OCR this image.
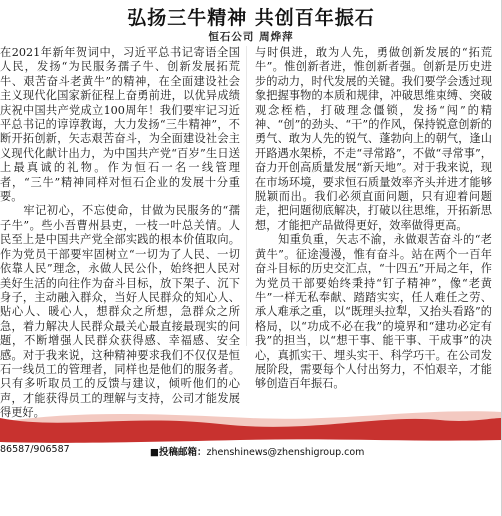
弘扬三牛精神 共创百年振石
恒石公司 周烨萍

在2021年新年贺词中，习近平总书记寄语全国人民，发扬“为民服务孺子牛、创新发展拓荒牛、艰苦奋斗老黄牛”的精神，在全面建设社会主义现代化国家新征程上奋勇前进，以优异成绩庆祝中国共产党成立100周年！我们要牢记习近平总书记的谆谆教诲，大力发扬“三牛精神”，不断开拓创新，矢志艰苦奋斗，为全面建设社会主义现代化献计出力，为中国共产党“百岁”生日送上最真诚的礼物。作为恒石一名一线管理者，“三牛”精神同样对恒石企业的发展十分重要。
　　牢记初心，不忘使命，甘做为民服务的“孺子牛”。些小吾曹州县吏，一枝一叶总关情。人民至上是中国共产党全部实践的根本价值取向。作为党员干部要牢固树立“一切为了人民、一切依靠人民”理念，永做人民公仆，始终把人民对美好生活的向往作为奋斗目标，放下架子、沉下身子，主动融入群众，当好人民群众的知心人、贴心人、暖心人，想群众之所想，急群众之所急，着力解决人民群众最关心最直接最现实的问题，不断增强人民群众获得感、幸福感、安全感。对于我来说，这种精神要求我们不仅仅是恒石一线员工的管理者，同样也是他们的服务者。只有多听取员工的反馈与建议，倾听他们的心声，才能获得员工的理解与支持，公司才能发展得更好。

与时俱进，敢为人先，勇做创新发展的“拓荒牛”。惟创新者进，惟创新者强。创新是历史进步的动力，时代发展的关键。我们要学会透过现象把握事物的本质和规律，冲破思维束缚、突破观念桎梏，打破理念僵锁，发扬“闯”的精神、“创”的劲头、“干”的作风，保持锐意创新的勇气、敢为人先的锐气、蓬勃向上的朝气，逢山开路遇水架桥，不走“寻常路”，不做“寻常事”，奋力开创高质量发展“新天地”。对于我来说，现在市场环境，要求恒石质量效率齐头并进才能够脱颖而出。我们必须直面问题，只有迎着问题走，把问题彻底解决，打破以往思维，开拓新思想，才能把产品做得更好，效率做得更高。
　　知重负重，矢志不渝，永做艰苦奋斗的“老黄牛”。征途漫漫，惟有奋斗。站在两个一百年奋斗目标的历史交汇点，“十四五”开局之年，作为党员干部要始终秉持“钉子精神”，像“老黄牛”一样无私奉献、踏踏实实，任人难任之劳、承人难承之重，以“既理头拉犁，又抬头看路”的格局，以“功成不必在我”的境界和“建功必定有我”的担当，以“想干事、能干事、干成事”的决心，真抓实干、埋头实干、科学巧干。在公司发展阶段，需要每个人付出努力，不怕艰辛，才能够创造百年振石。

86587/906587	■投稿邮箱：zhenshinews@zhenshigroup.com
